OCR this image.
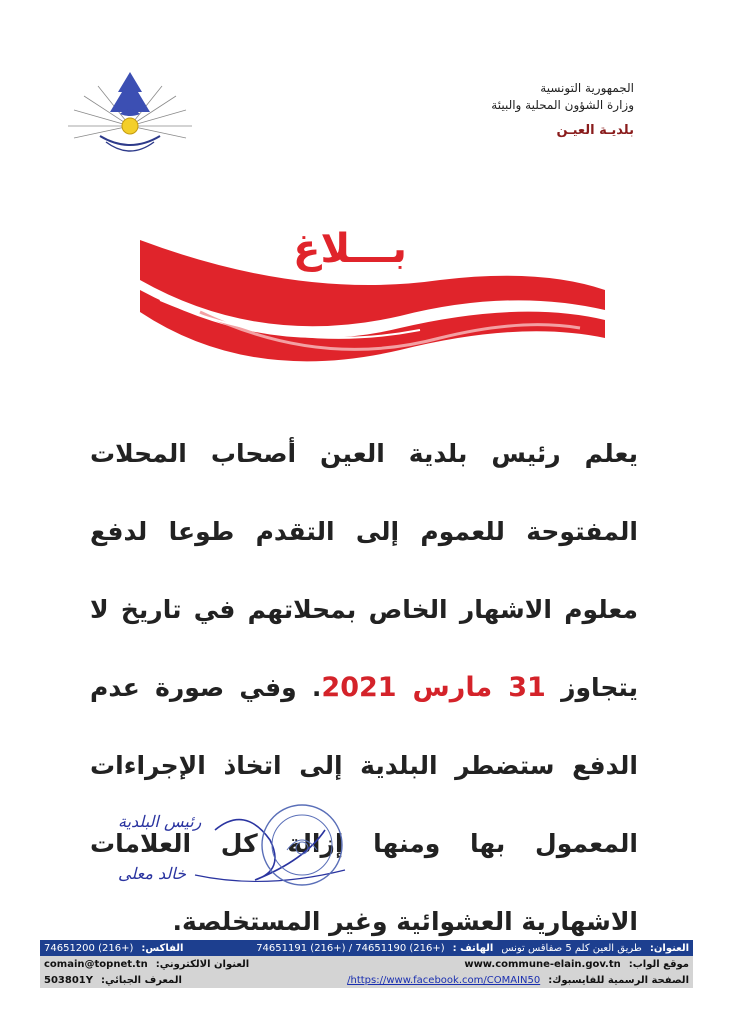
الجمهورية التونسية
وزارة الشؤون المحلية والبيئة
بلديـة العيـن
بـــلاغ
يعلم رئيس بلدية العين أصحاب المحلات المفتوحة للعموم إلى التقدم طوعا لدفع معلوم الاشهار الخاص بمحلاتهم في تاريخ لا يتجاوز 31 مارس 2021. وفي صورة عدم الدفع ستضطر البلدية إلى اتخاذ الإجراءات المعمول بها ومنها إزالة كل العلامات الاشهارية العشوائية وغير المستخلصة.
رئيس البلدية
خالد معلى
العنوان:
طريق العين كلم 5 صفاقس تونس
الهاتف :
(+216) 74651190 / (+216) 74651191
الفاكس:
(+216) 74651200
موقع الواب:
www.commune-elain.gov.tn
العنوان الالكتروني:
comain@topnet.tn
الصفحة الرسمية للفايسبوك:
https://www.facebook.com/COMAIN50/
المعرف الجبائي:
503801Y
